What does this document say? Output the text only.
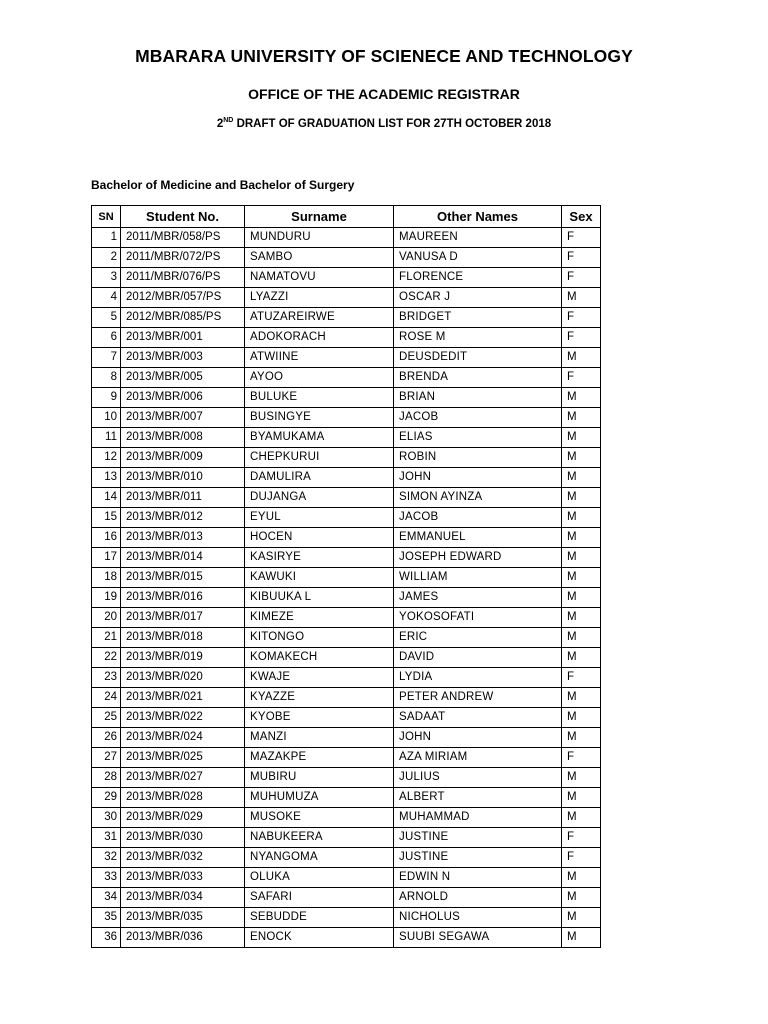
MBARARA UNIVERSITY OF SCIENECE AND TECHNOLOGY
OFFICE OF THE ACADEMIC REGISTRAR
2ND DRAFT OF GRADUATION LIST FOR 27TH OCTOBER 2018
Bachelor of Medicine and Bachelor of Surgery
SN	Student No.	Surname	Other Names	Sex
1	2011/MBR/058/PS	MUNDURU	MAUREEN	F
2	2011/MBR/072/PS	SAMBO	VANUSA D	F
3	2011/MBR/076/PS	NAMATOVU	FLORENCE	F
4	2012/MBR/057/PS	LYAZZI	OSCAR J	M
5	2012/MBR/085/PS	ATUZAREIRWE	BRIDGET	F
6	2013/MBR/001	ADOKORACH	ROSE M	F
7	2013/MBR/003	ATWIINE	DEUSDEDIT	M
8	2013/MBR/005	AYOO	BRENDA	F
9	2013/MBR/006	BULUKE	BRIAN	M
10	2013/MBR/007	BUSINGYE	JACOB	M
11	2013/MBR/008	BYAMUKAMA	ELIAS	M
12	2013/MBR/009	CHEPKURUI	ROBIN	M
13	2013/MBR/010	DAMULIRA	JOHN	M
14	2013/MBR/011	DUJANGA	SIMON AYINZA	M
15	2013/MBR/012	EYUL	JACOB	M
16	2013/MBR/013	HOCEN	EMMANUEL	M
17	2013/MBR/014	KASIRYE	JOSEPH EDWARD	M
18	2013/MBR/015	KAWUKI	WILLIAM	M
19	2013/MBR/016	KIBUUKA L	JAMES	M
20	2013/MBR/017	KIMEZE	YOKOSOFATI	M
21	2013/MBR/018	KITONGO	ERIC	M
22	2013/MBR/019	KOMAKECH	DAVID	M
23	2013/MBR/020	KWAJE	LYDIA	F
24	2013/MBR/021	KYAZZE	PETER ANDREW	M
25	2013/MBR/022	KYOBE	SADAAT	M
26	2013/MBR/024	MANZI	JOHN	M
27	2013/MBR/025	MAZAKPE	AZA MIRIAM	F
28	2013/MBR/027	MUBIRU	JULIUS	M
29	2013/MBR/028	MUHUMUZA	ALBERT	M
30	2013/MBR/029	MUSOKE	MUHAMMAD	M
31	2013/MBR/030	NABUKEERA	JUSTINE	F
32	2013/MBR/032	NYANGOMA	JUSTINE	F
33	2013/MBR/033	OLUKA	EDWIN N	M
34	2013/MBR/034	SAFARI	ARNOLD	M
35	2013/MBR/035	SEBUDDE	NICHOLUS	M
36	2013/MBR/036	ENOCK	SUUBI SEGAWA	M
